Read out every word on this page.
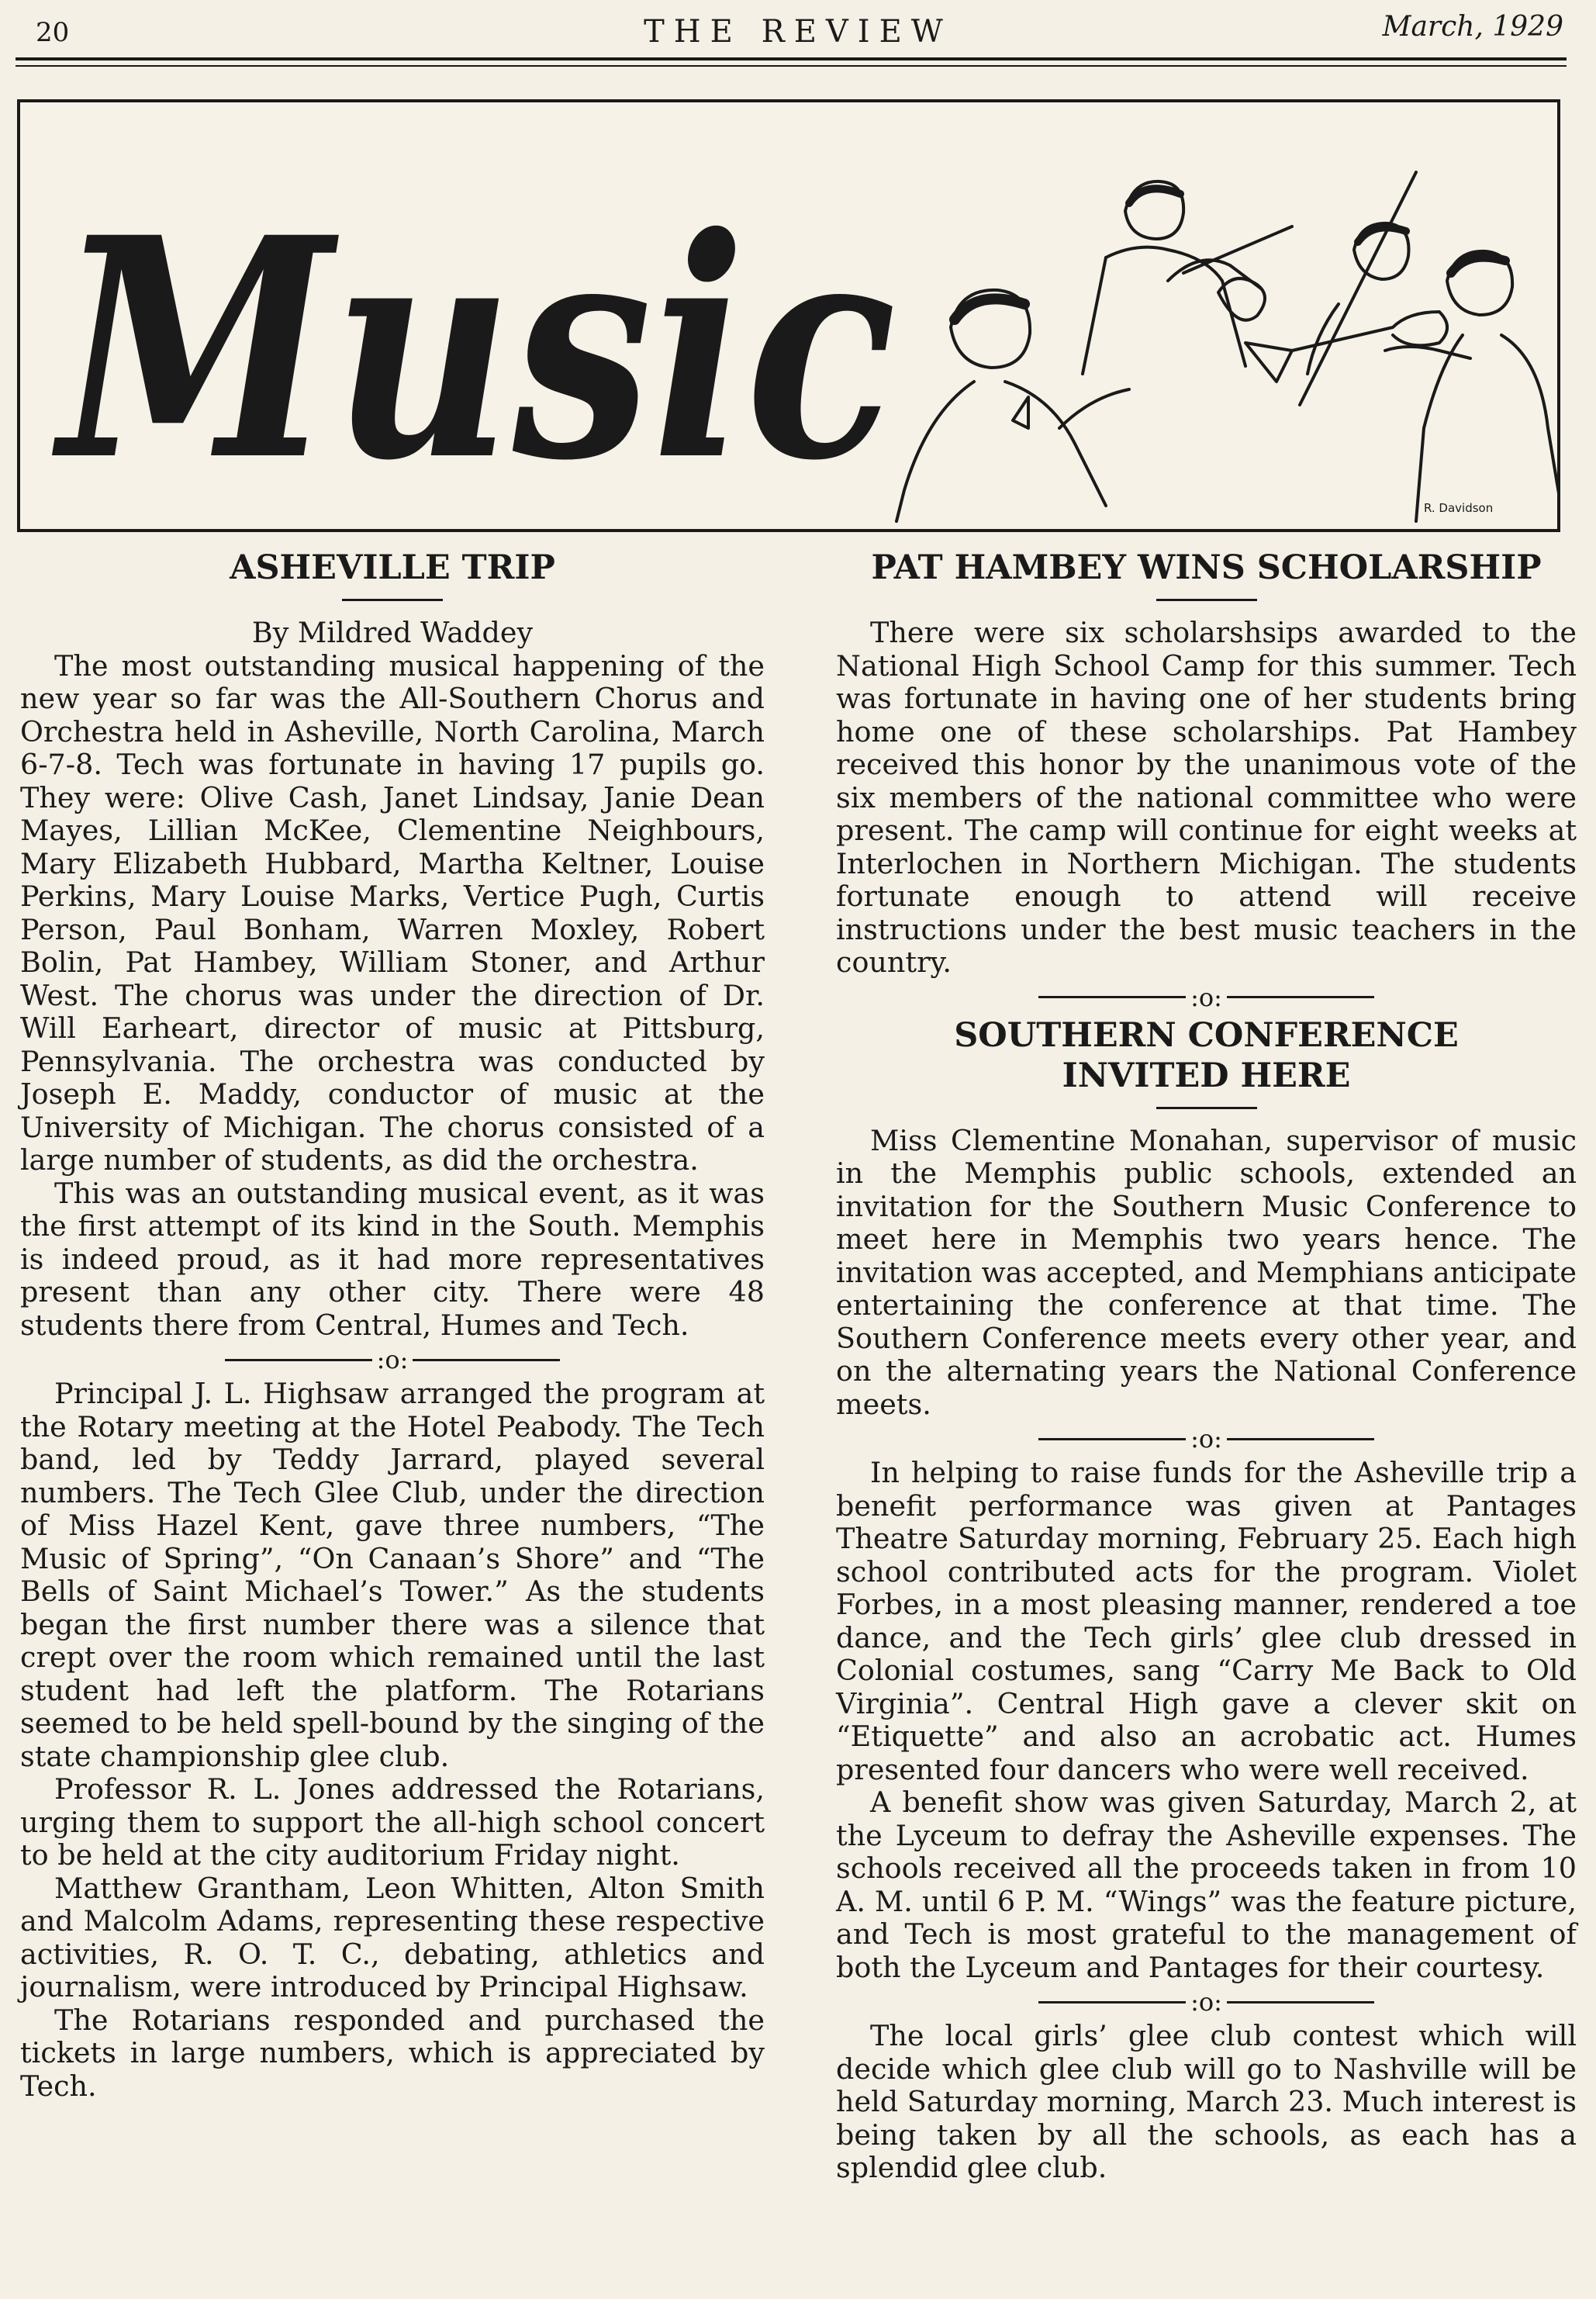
20	THE REVIEW	March, 1929
Music	R. Davidson
ASHEVILLE TRIP

By Mildred Waddey

The most outstanding musical happening of the new year so far was the All-Southern Chorus and Orchestra held in Asheville, North Carolina, March 6-7-8. Tech was fortunate in having 17 pupils go. They were: Olive Cash, Janet Lindsay, Janie Dean Mayes, Lillian McKee, Clementine Neighbours, Mary Elizabeth Hubbard, Martha Keltner, Louise Perkins, Mary Louise Marks, Vertice Pugh, Curtis Person, Paul Bonham, Warren Moxley, Robert Bolin, Pat Hambey, William Stoner, and Arthur West. The chorus was under the direction of Dr. Will Earheart, director of music at Pittsburg, Pennsylvania. The orchestra was conducted by Joseph E. Maddy, conductor of music at the University of Michigan. The chorus consisted of a large number of students, as did the orchestra.

This was an outstanding musical event, as it was the first attempt of its kind in the South. Memphis is indeed proud, as it had more representatives present than any other city. There were 48 students there from Central, Humes and Tech.

:o:

Principal J. L. Highsaw arranged the program at the Rotary meeting at the Hotel Peabody. The Tech band, led by Teddy Jarrard, played several numbers. The Tech Glee Club, under the direction of Miss Hazel Kent, gave three numbers, “The Music of Spring”, “On Canaan’s Shore” and “The Bells of Saint Michael’s Tower.” As the students began the first number there was a silence that crept over the room which remained until the last student had left the platform. The Rotarians seemed to be held spell-bound by the singing of the state championship glee club.

Professor R. L. Jones addressed the Rotarians, urging them to support the all-high school concert to be held at the city auditorium Friday night.

Matthew Grantham, Leon Whitten, Alton Smith and Malcolm Adams, representing these respective activities, R. O. T. C., debating, athletics and journalism, were introduced by Principal Highsaw.

The Rotarians responded and purchased the tickets in large numbers, which is appreciated by Tech.

PAT HAMBEY WINS SCHOLARSHIP

There were six scholarshsips awarded to the National High School Camp for this summer. Tech was fortunate in having one of her students bring home one of these scholarships. Pat Hambey received this honor by the unanimous vote of the six members of the national committee who were present. The camp will continue for eight weeks at Interlochen in Northern Michigan. The students fortunate enough to attend will receive instructions under the best music teachers in the country.

:o:
SOUTHERN CONFERENCE
INVITED HERE

Miss Clementine Monahan, supervisor of music in the Memphis public schools, extended an invitation for the Southern Music Conference to meet here in Memphis two years hence. The invitation was accepted, and Memphians anticipate entertaining the conference at that time. The Southern Conference meets every other year, and on the alternating years the National Conference meets.

:o:

In helping to raise funds for the Asheville trip a benefit performance was given at Pantages Theatre Saturday morning, February 25. Each high school contributed acts for the program. Violet Forbes, in a most pleasing manner, rendered a toe dance, and the Tech girls’ glee club dressed in Colonial costumes, sang “Carry Me Back to Old Virginia”. Central High gave a clever skit on “Etiquette” and also an acrobatic act. Humes presented four dancers who were well received.

A benefit show was given Saturday, March 2, at the Lyceum to defray the Asheville expenses. The schools received all the proceeds taken in from 10 A. M. until 6 P. M. “Wings” was the feature picture, and Tech is most grateful to the management of both the Lyceum and Pantages for their courtesy.

:o:

The local girls’ glee club contest which will decide which glee club will go to Nashville will be held Saturday morning, March 23. Much interest is being taken by all the schools, as each has a splendid glee club.
